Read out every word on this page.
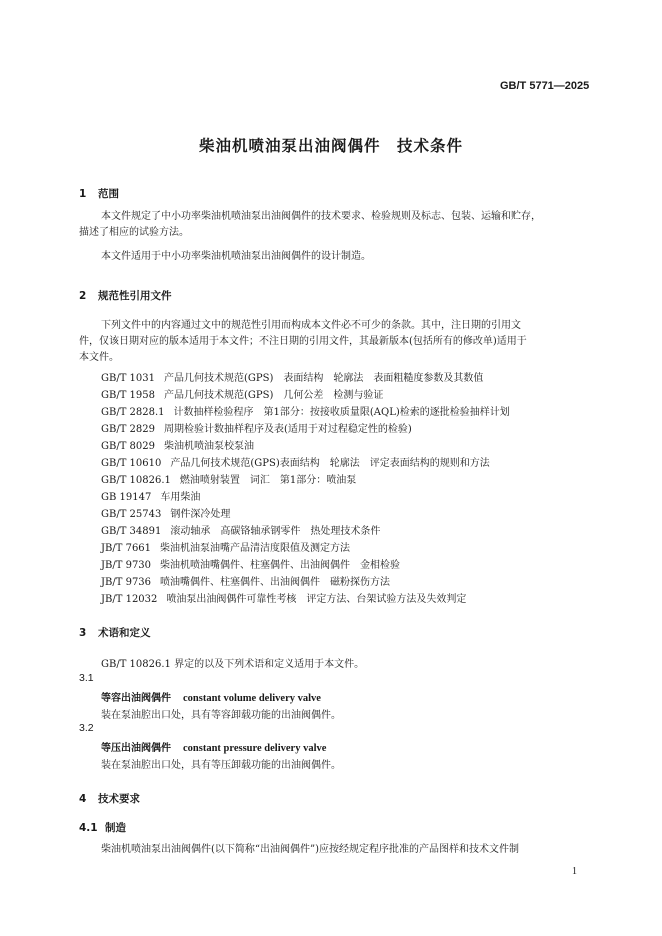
GB/T 5771—2025
柴油机喷油泵出油阀偶件　技术条件
1 范围
本文件规定了中小功率柴油机喷油泵出油阀偶件的技术要求、检验规则及标志、包装、运输和贮存，
描述了相应的试验方法。
本文件适用于中小功率柴油机喷油泵出油阀偶件的设计制造。
2 规范性引用文件
下列文件中的内容通过文中的规范性引用而构成本文件必不可少的条款。其中，注日期的引用文
件，仅该日期对应的版本适用于本文件；不注日期的引用文件，其最新版本(包括所有的修改单)适用于
本文件。
GB/T 1031 产品几何技术规范(GPS)　表面结构　轮廓法　表面粗糙度参数及其数值
GB/T 1958 产品几何技术规范(GPS)　几何公差　检测与验证
GB/T 2828.1 计数抽样检验程序　第1部分：按接收质量限(AQL)检索的逐批检验抽样计划
GB/T 2829 周期检验计数抽样程序及表(适用于对过程稳定性的检验)
GB/T 8029 柴油机喷油泵校泵油
GB/T 10610 产品几何技术规范(GPS)表面结构　轮廓法　评定表面结构的规则和方法
GB/T 10826.1 燃油喷射装置　词汇　第1部分：喷油泵
GB 19147 车用柴油
GB/T 25743 钢件深冷处理
GB/T 34891 滚动轴承　高碳铬轴承钢零件　热处理技术条件
JB/T 7661 柴油机油泵油嘴产品清洁度限值及测定方法
JB/T 9730 柴油机喷油嘴偶件、柱塞偶件、出油阀偶件　金相检验
JB/T 9736 喷油嘴偶件、柱塞偶件、出油阀偶件　磁粉探伤方法
JB/T 12032 喷油泵出油阀偶件可靠性考核　评定方法、台架试验方法及失效判定
3 术语和定义
GB/T 10826.1 界定的以及下列术语和定义适用于本文件。
3.1
等容出油阀偶件 constant volume delivery valve
装在泵油腔出口处，具有等容卸载功能的出油阀偶件。
3.2
等压出油阀偶件 constant pressure delivery valve
装在泵油腔出口处，具有等压卸载功能的出油阀偶件。
4 技术要求
4.1 制造
柴油机喷油泵出油阀偶件(以下简称“出油阀偶件”)应按经规定程序批准的产品图样和技术文件制
1
